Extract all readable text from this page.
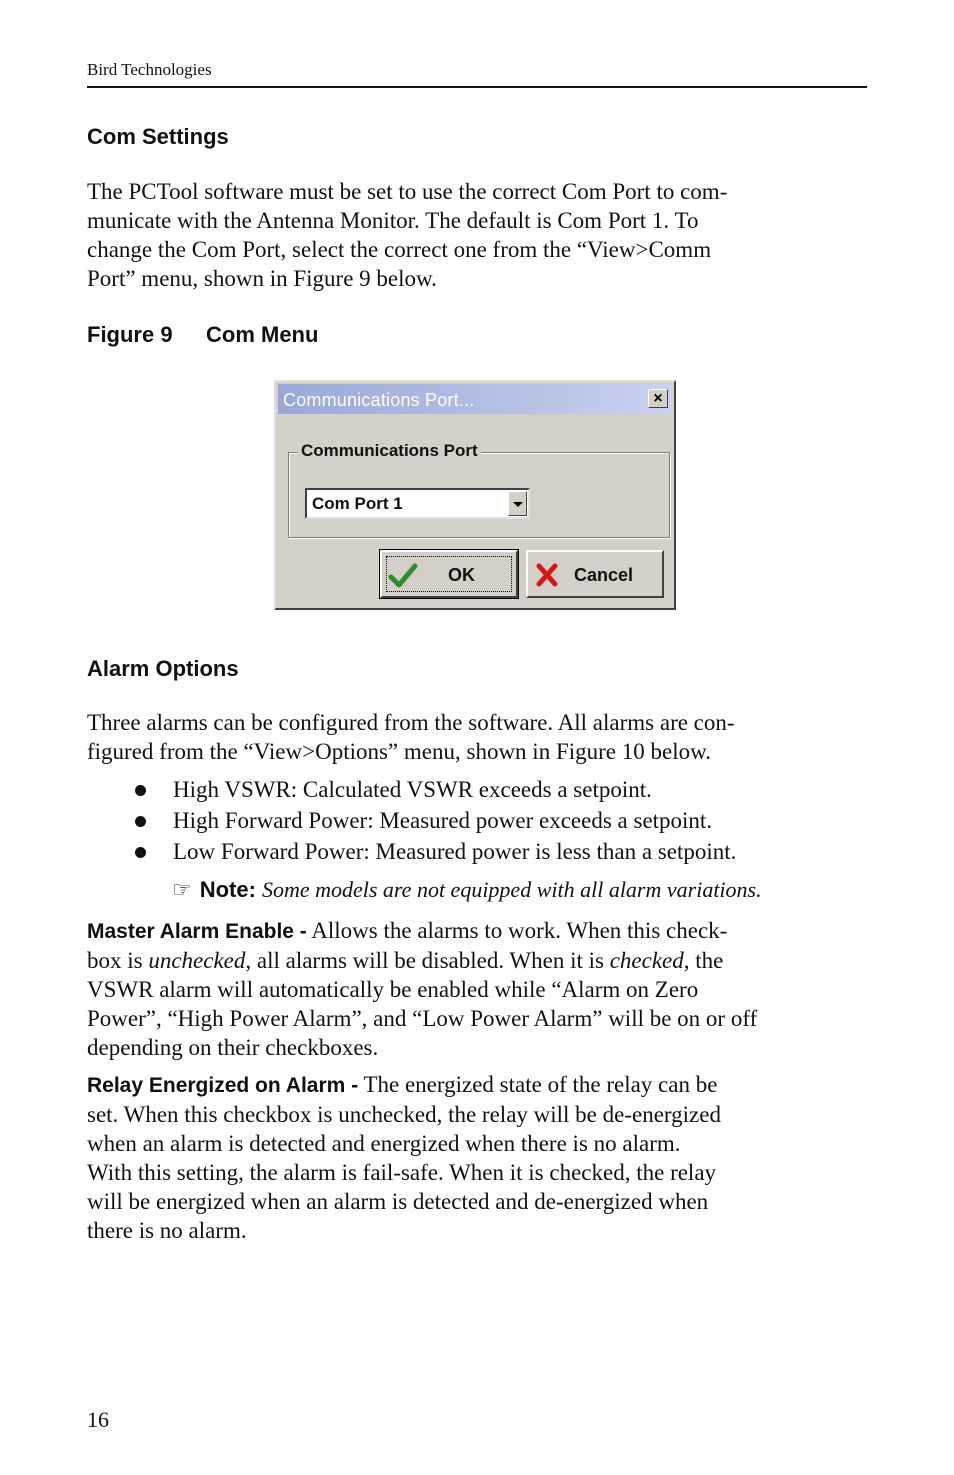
Bird Technologies
Com Settings

The PCTool software must be set to use the correct Com Port to com-

municate with the Antenna Monitor. The default is Com Port 1. To

change the Com Port, select the correct one from the “View>Comm

Port” menu, shown in Figure 9 below.

Figure 9 Com Menu
Communications Port...	×
Communications Port
Com Port 1
OK	Cancel
Alarm Options

Three alarms can be configured from the software. All alarms are con-

figured from the “View>Options” menu, shown in Figure 10 below.

High VSWR: Calculated VSWR exceeds a setpoint.
High Forward Power: Measured power exceeds a setpoint.
Low Forward Power: Measured power is less than a setpoint.
☞ Note: Some models are not equipped with all alarm variations.

Master Alarm Enable - Allows the alarms to work. When this check-

box is unchecked, all alarms will be disabled. When it is checked, the

VSWR alarm will automatically be enabled while “Alarm on Zero

Power”, “High Power Alarm”, and “Low Power Alarm” will be on or off

depending on their checkboxes.

Relay Energized on Alarm - The energized state of the relay can be

set. When this checkbox is unchecked, the relay will be de-energized

when an alarm is detected and energized when there is no alarm.

With this setting, the alarm is fail-safe. When it is checked, the relay

will be energized when an alarm is detected and de-energized when

there is no alarm.

16
